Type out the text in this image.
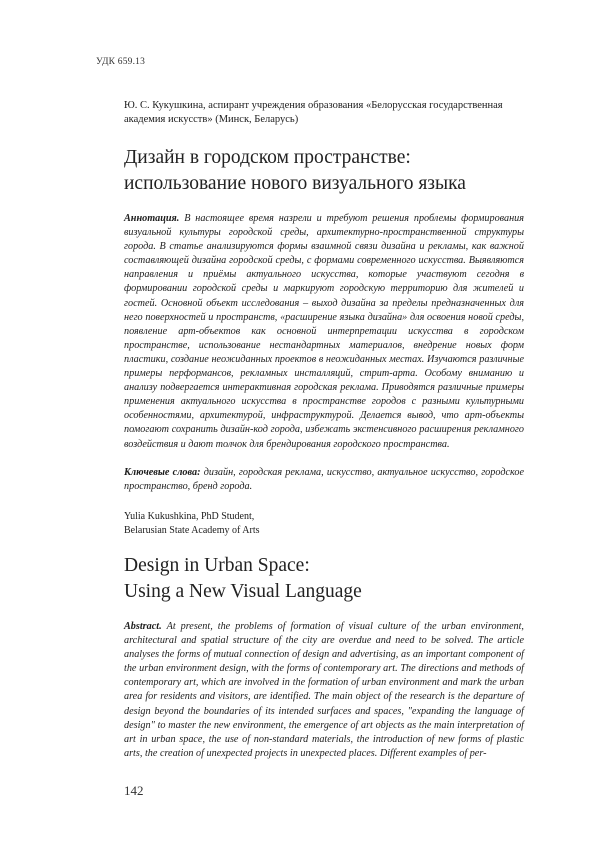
УДК 659.13
Ю. С. Кукушкина, аспирант учреждения образования «Белорусская государственная
академия искусств» (Минск, Беларусь)
Дизайн в городском пространстве:
использование нового визуального языка
Аннотация. В настоящее время назрели и требуют решения проблемы формирования визуальной культуры городской среды, архитектурно-пространственной структуры города. В статье анализируются формы взаимной связи дизайна и рекламы, как важной составляющей дизайна городской среды, с формами современного искусства. Выявляются направления и приёмы актуального искусства, которые участвуют сегодня в формировании городской среды и маркируют городскую территорию для жителей и гостей. Основной объект исследования – выход дизайна за пределы предназначенных для него поверхностей и пространств, «расширение языка дизайна» для освоения новой среды, появление арт-объектов как основной интерпретации искусства в городском пространстве, использование нестандартных материалов, внедрение новых форм пластики, создание неожиданных проектов в неожиданных местах. Изучаются различные примеры перформансов, рекламных инсталляций, стрит-арта. Особому вниманию и анализу подвергается интерактивная городская реклама. Приводятся различные примеры применения актуального искусства в пространстве городов с разными культурными особенностями, архитектурой, инфраструктурой. Делается вывод, что арт-объекты помогают сохранить дизайн-код города, избежать экстенсивного расширения рекламного воздействия и дают толчок для брендирования городского пространства.
Ключевые слова: дизайн, городская реклама, искусство, актуальное искусство, городское пространство, бренд города.
Yulia Kukushkina, PhD Student,
Belarusian State Academy of Arts
Design in Urban Space:
Using a New Visual Language
Abstract. At present, the problems of formation of visual culture of the urban environment, architectural and spatial structure of the city are overdue and need to be solved. The article analyses the forms of mutual connection of design and advertising, as an important component of the urban environment design, with the forms of contemporary art. The directions and methods of contemporary art, which are involved in the formation of urban environment and mark the urban area for residents and visitors, are identified. The main object of the research is the departure of design beyond the boundaries of its intended surfaces and spaces, "expanding the language of design" to master the new environment, the emergence of art objects as the main interpretation of art in urban space, the use of non-standard materials, the introduction of new forms of plastic arts, the creation of unexpected projects in unexpected places. Different examples of per-
142
